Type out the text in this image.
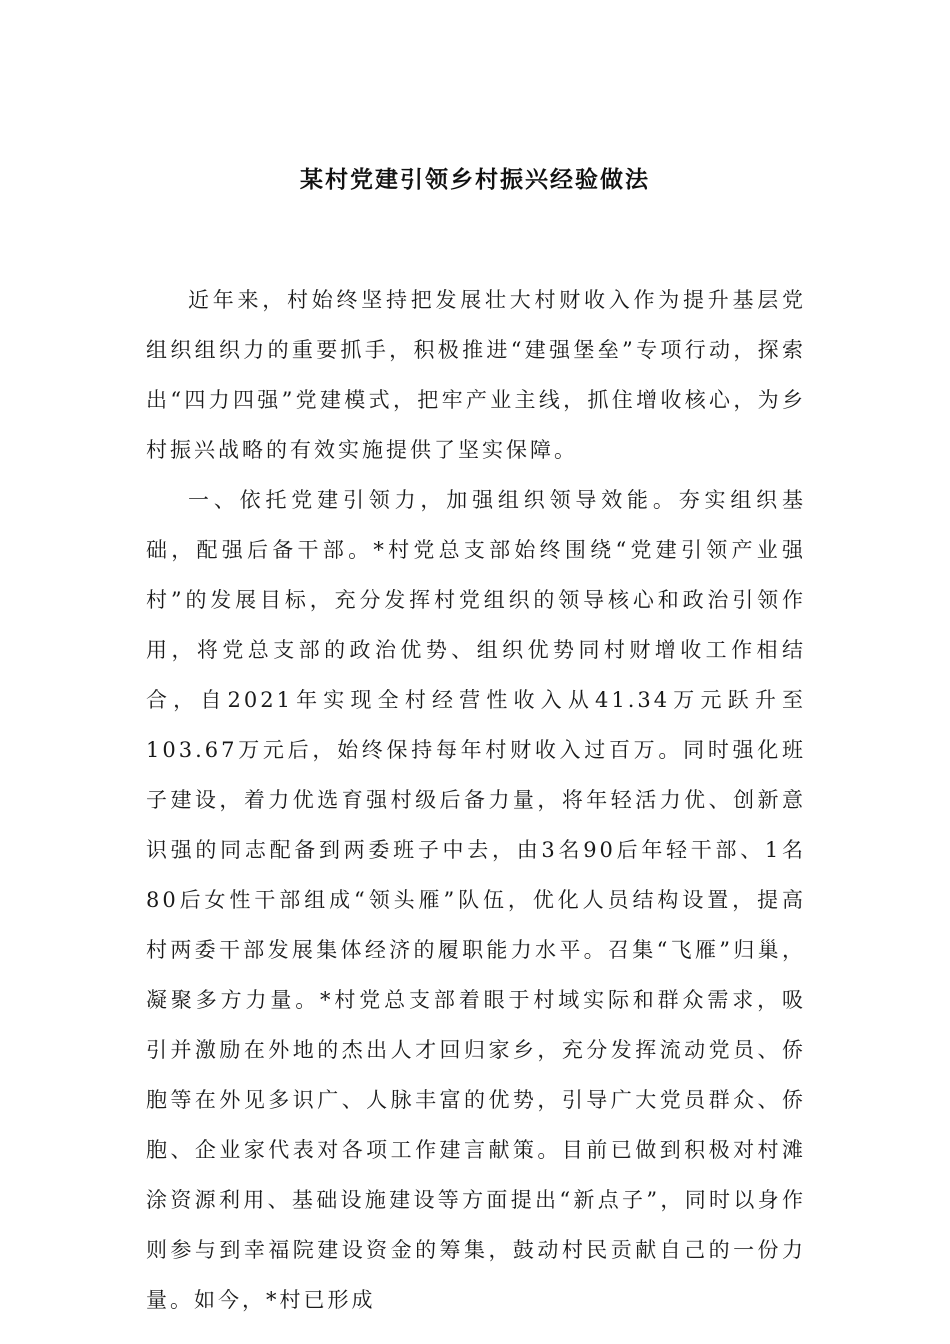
某村党建引领乡村振兴经验做法

近年来，村始终坚持把发展壮大村财收入作为提升基层党组织组织力的重要抓手，积极推进“建强堡垒”专项行动，探索出“四力四强”党建模式，把牢产业主线，抓住增收核心，为乡村振兴战略的有效实施提供了坚实保障。

一、依托党建引领力，加强组织领导效能。夯实组织基础，配强后备干部。*村党总支部始终围绕“党建引领产业强村”的发展目标，充分发挥村党组织的领导核心和政治引领作用，将党总支部的政治优势、组织优势同村财增收工作相结合，自2021年实现全村经营性收入从41.34万元跃升至103.67万元后，始终保持每年村财收入过百万。同时强化班子建设，着力优选育强村级后备力量，将年轻活力优、创新意识强的同志配备到两委班子中去，由3名90后年轻干部、1名80后女性干部组成“领头雁”队伍，优化人员结构设置，提高村两委干部发展集体经济的履职能力水平。召集“飞雁”归巢，凝聚多方力量。*村党总支部着眼于村域实际和群众需求，吸引并激励在外地的杰出人才回归家乡，充分发挥流动党员、侨胞等在外见多识广、人脉丰富的优势，引导广大党员群众、侨胞、企业家代表对各项工作建言献策。目前已做到积极对村滩涂资源利用、基础设施建设等方面提出“新点子”，同时以身作则参与到幸福院建设资金的筹集，鼓动村民贡献自己的一份力量。如今，*村已形成
